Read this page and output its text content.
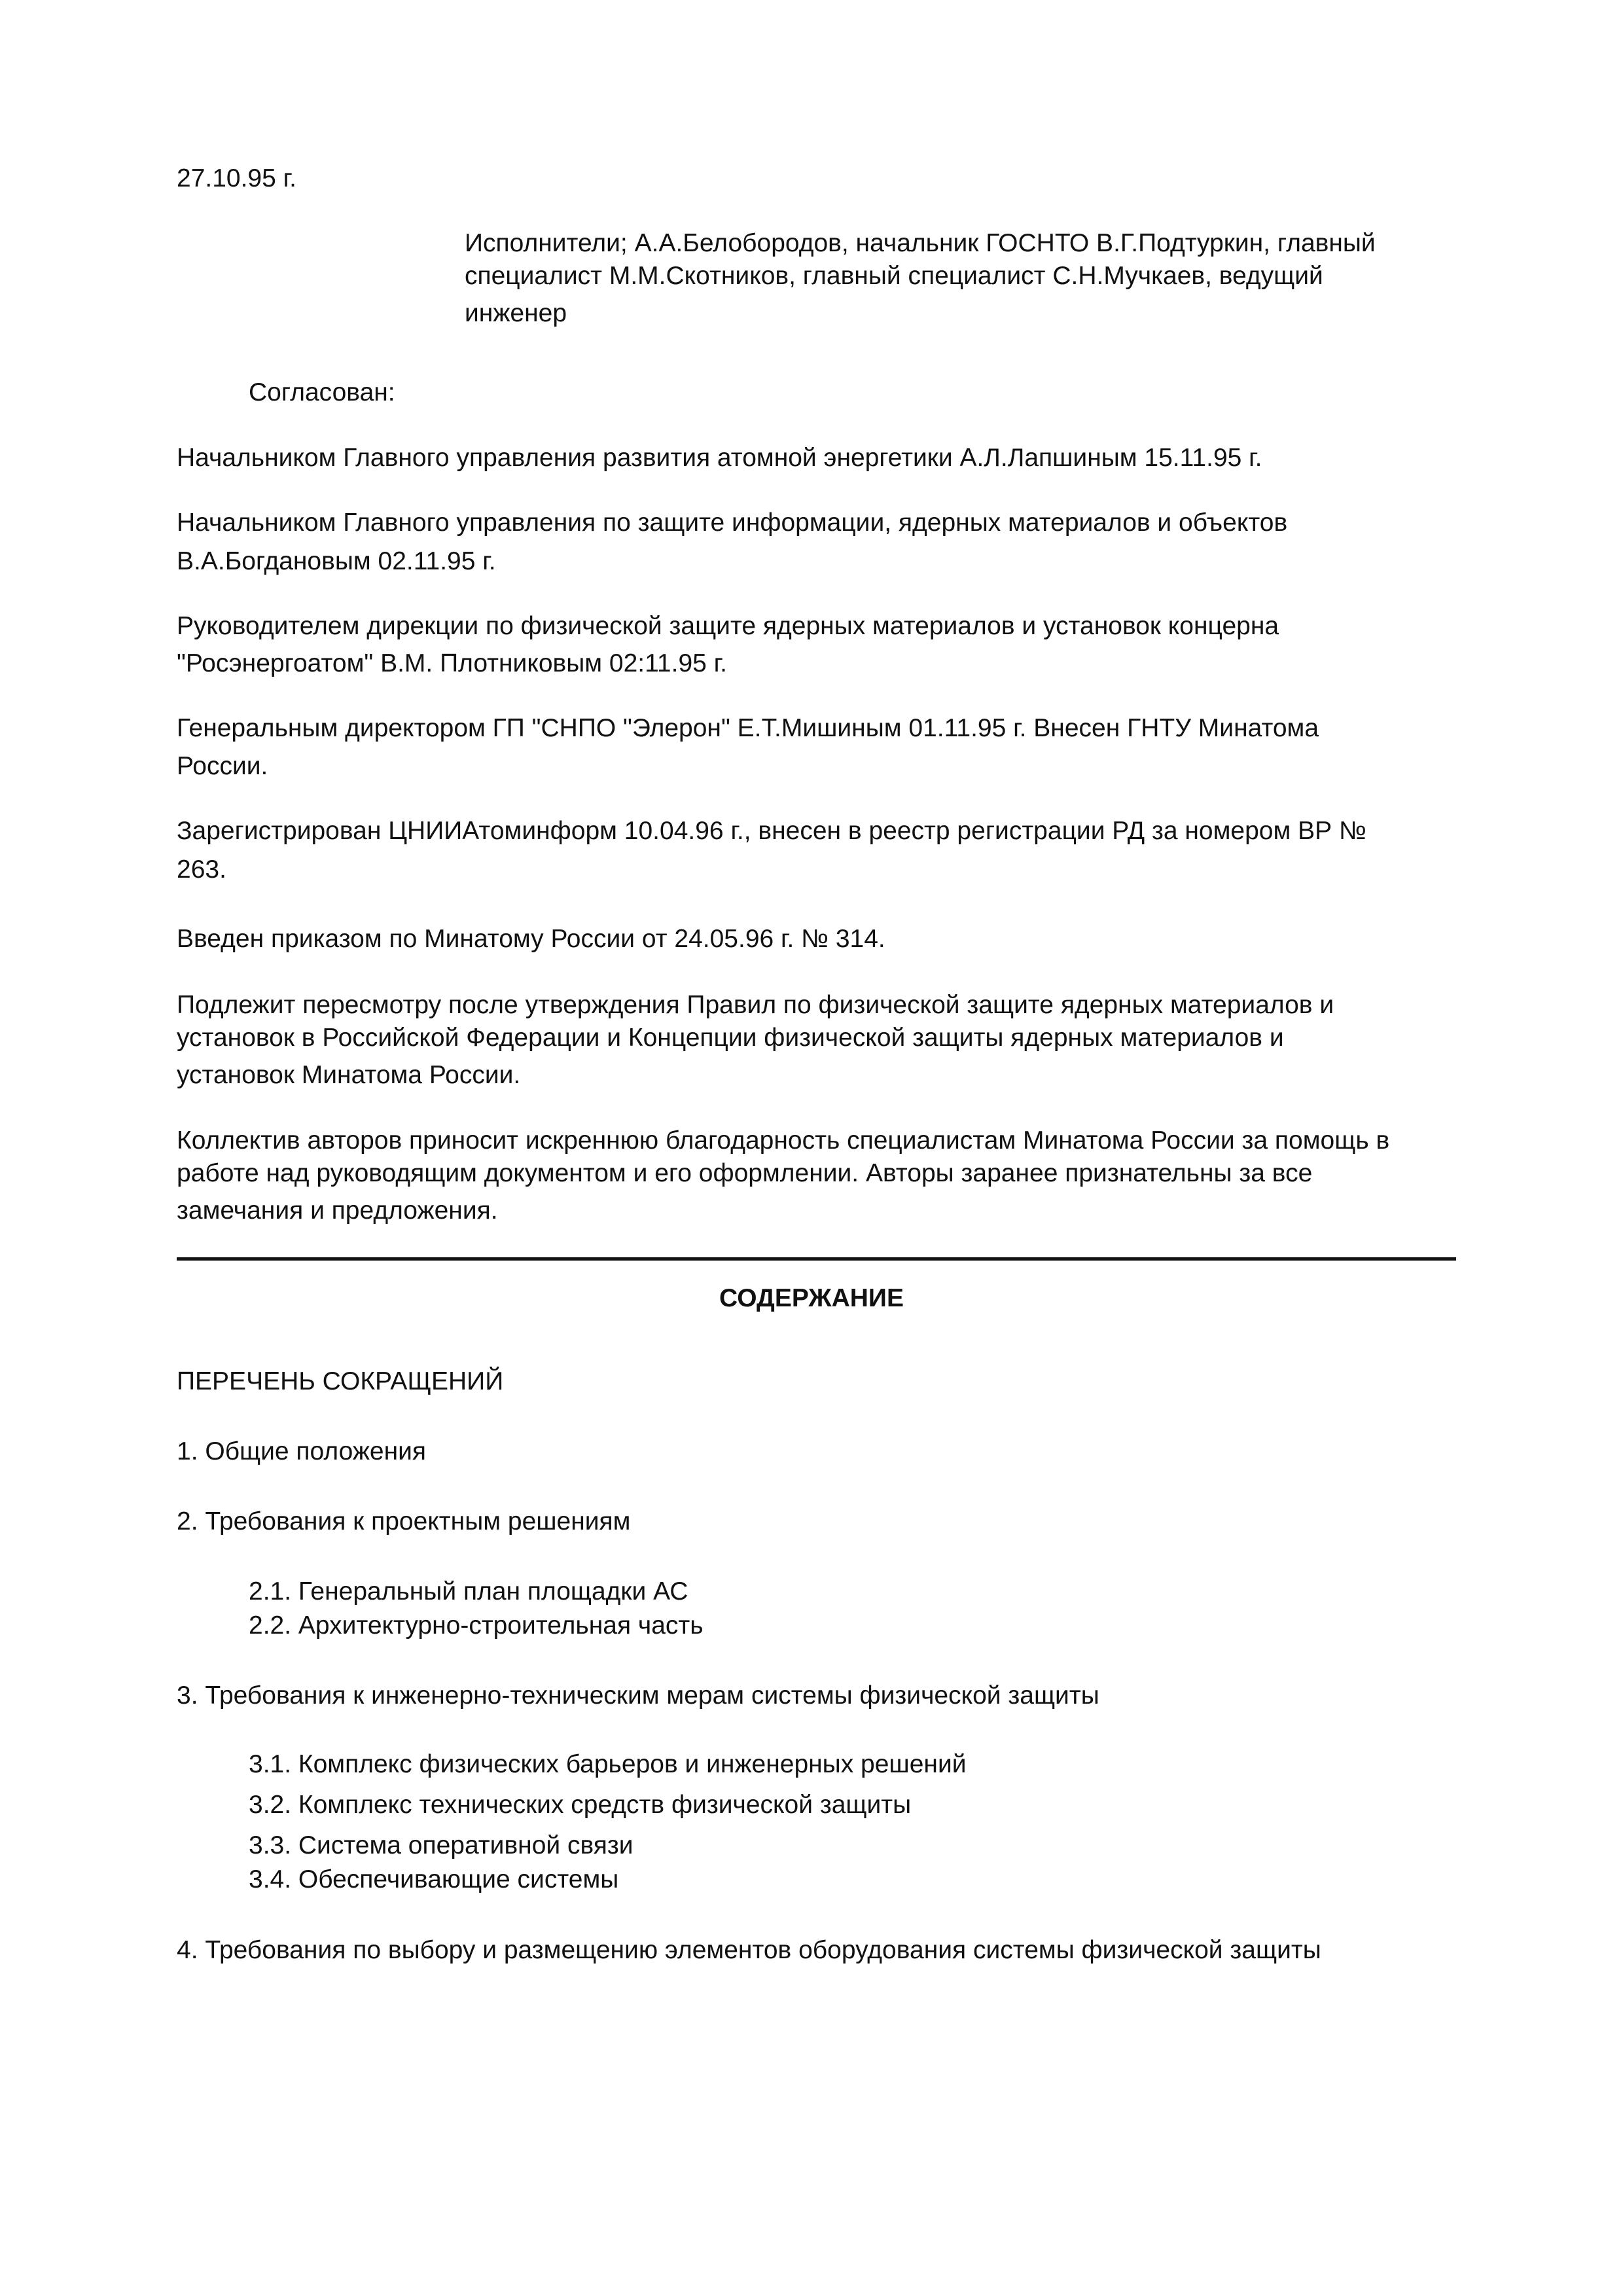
27.10.95 г.

Исполнители; А.А.Белобородов, начальник ГОСНТО В.Г.Подтуркин, главный

специалист М.М.Скотников, главный специалист С.Н.Мучкаев, ведущий

инженер

Согласован:

Начальником Главного управления развития атомной энергетики А.Л.Лапшиным 15.11.95 г.

Начальником Главного управления по защите информации, ядерных материалов и объектов

В.А.Богдановым 02.11.95 г.

Руководителем дирекции по физической защите ядерных материалов и установок концерна

"Росэнергоатом" В.М. Плотниковым 02:11.95 г.

Генеральным директором ГП "СНПО "Элерон" Е.Т.Мишиным 01.11.95 г. Внесен ГНТУ Минатома

России.

Зарегистрирован ЦНИИАтоминформ 10.04.96 г., внесен в реестр регистрации РД за номером ВР №

263.

Введен приказом по Минатому России от 24.05.96 г. № 314.

Подлежит пересмотру после утверждения Правил по физической защите ядерных материалов и

установок в Российской Федерации и Концепции физической защиты ядерных материалов и

установок Минатома России.

Коллектив авторов приносит искреннюю благодарность специалистам Минатома России за помощь в

работе над руководящим документом и его оформлении. Авторы заранее признательны за все

замечания и предложения.

СОДЕРЖАНИЕ

ПЕРЕЧЕНЬ СОКРАЩЕНИЙ

1. Общие положения

2. Требования к проектным решениям

2.1. Генеральный план площадки АС

2.2. Архитектурно-строительная часть

3. Требования к инженерно-техническим мерам системы физической защиты

3.1. Комплекс физических барьеров и инженерных решений

3.2. Комплекс технических средств физической защиты

3.3. Система оперативной связи

3.4. Обеспечивающие системы

4. Требования по выбору и размещению элементов оборудования системы физической защиты
